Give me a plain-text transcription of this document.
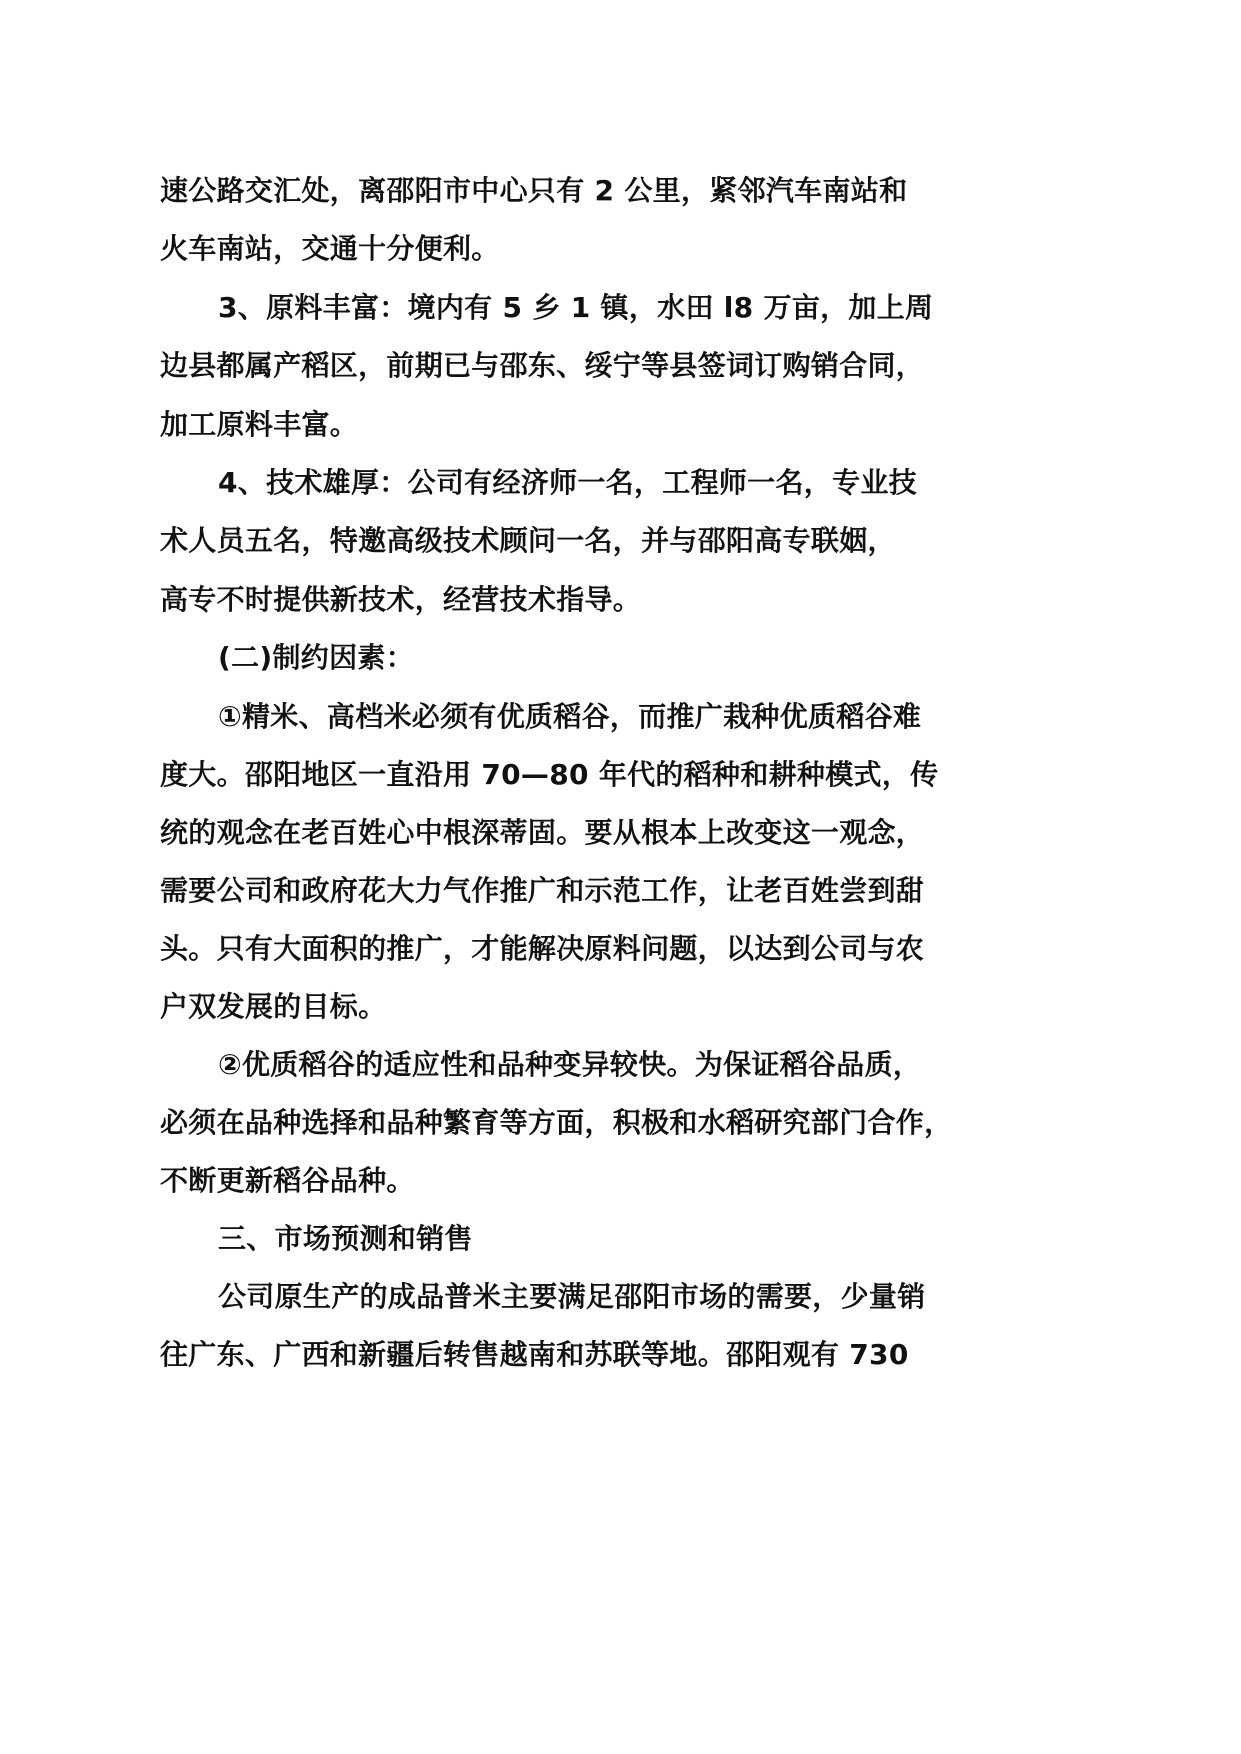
速公路交汇处，离邵阳市中心只有 2 公里，紧邻汽车南站和
火车南站，交通十分便利。
3、原料丰富：境内有 5 乡 1 镇，水田 l8 万亩，加上周
边县都属产稻区，前期已与邵东、绥宁等县签词订购销合同，
加工原料丰富。
4、技术雄厚：公司有经济师一名，工程师一名，专业技
术人员五名，特邀高级技术顾问一名，并与邵阳高专联姻，
高专不时提供新技术，经营技术指导。
(二)制约因素：
①精米、高档米必须有优质稻谷，而推广栽种优质稻谷难
度大。邵阳地区一直沿用 70—80 年代的稻种和耕种模式，传
统的观念在老百姓心中根深蒂固。要从根本上改变这一观念，
需要公司和政府花大力气作推广和示范工作，让老百姓尝到甜
头。只有大面积的推广，才能解决原料问题，以达到公司与农
户双发展的目标。
②优质稻谷的适应性和品种变异较快。为保证稻谷品质，
必须在品种选择和品种繁育等方面，积极和水稻研究部门合作，
不断更新稻谷品种。
三、市场预测和销售
公司原生产的成品普米主要满足邵阳市场的需要，少量销
往广东、广西和新疆后转售越南和苏联等地。邵阳观有 730
